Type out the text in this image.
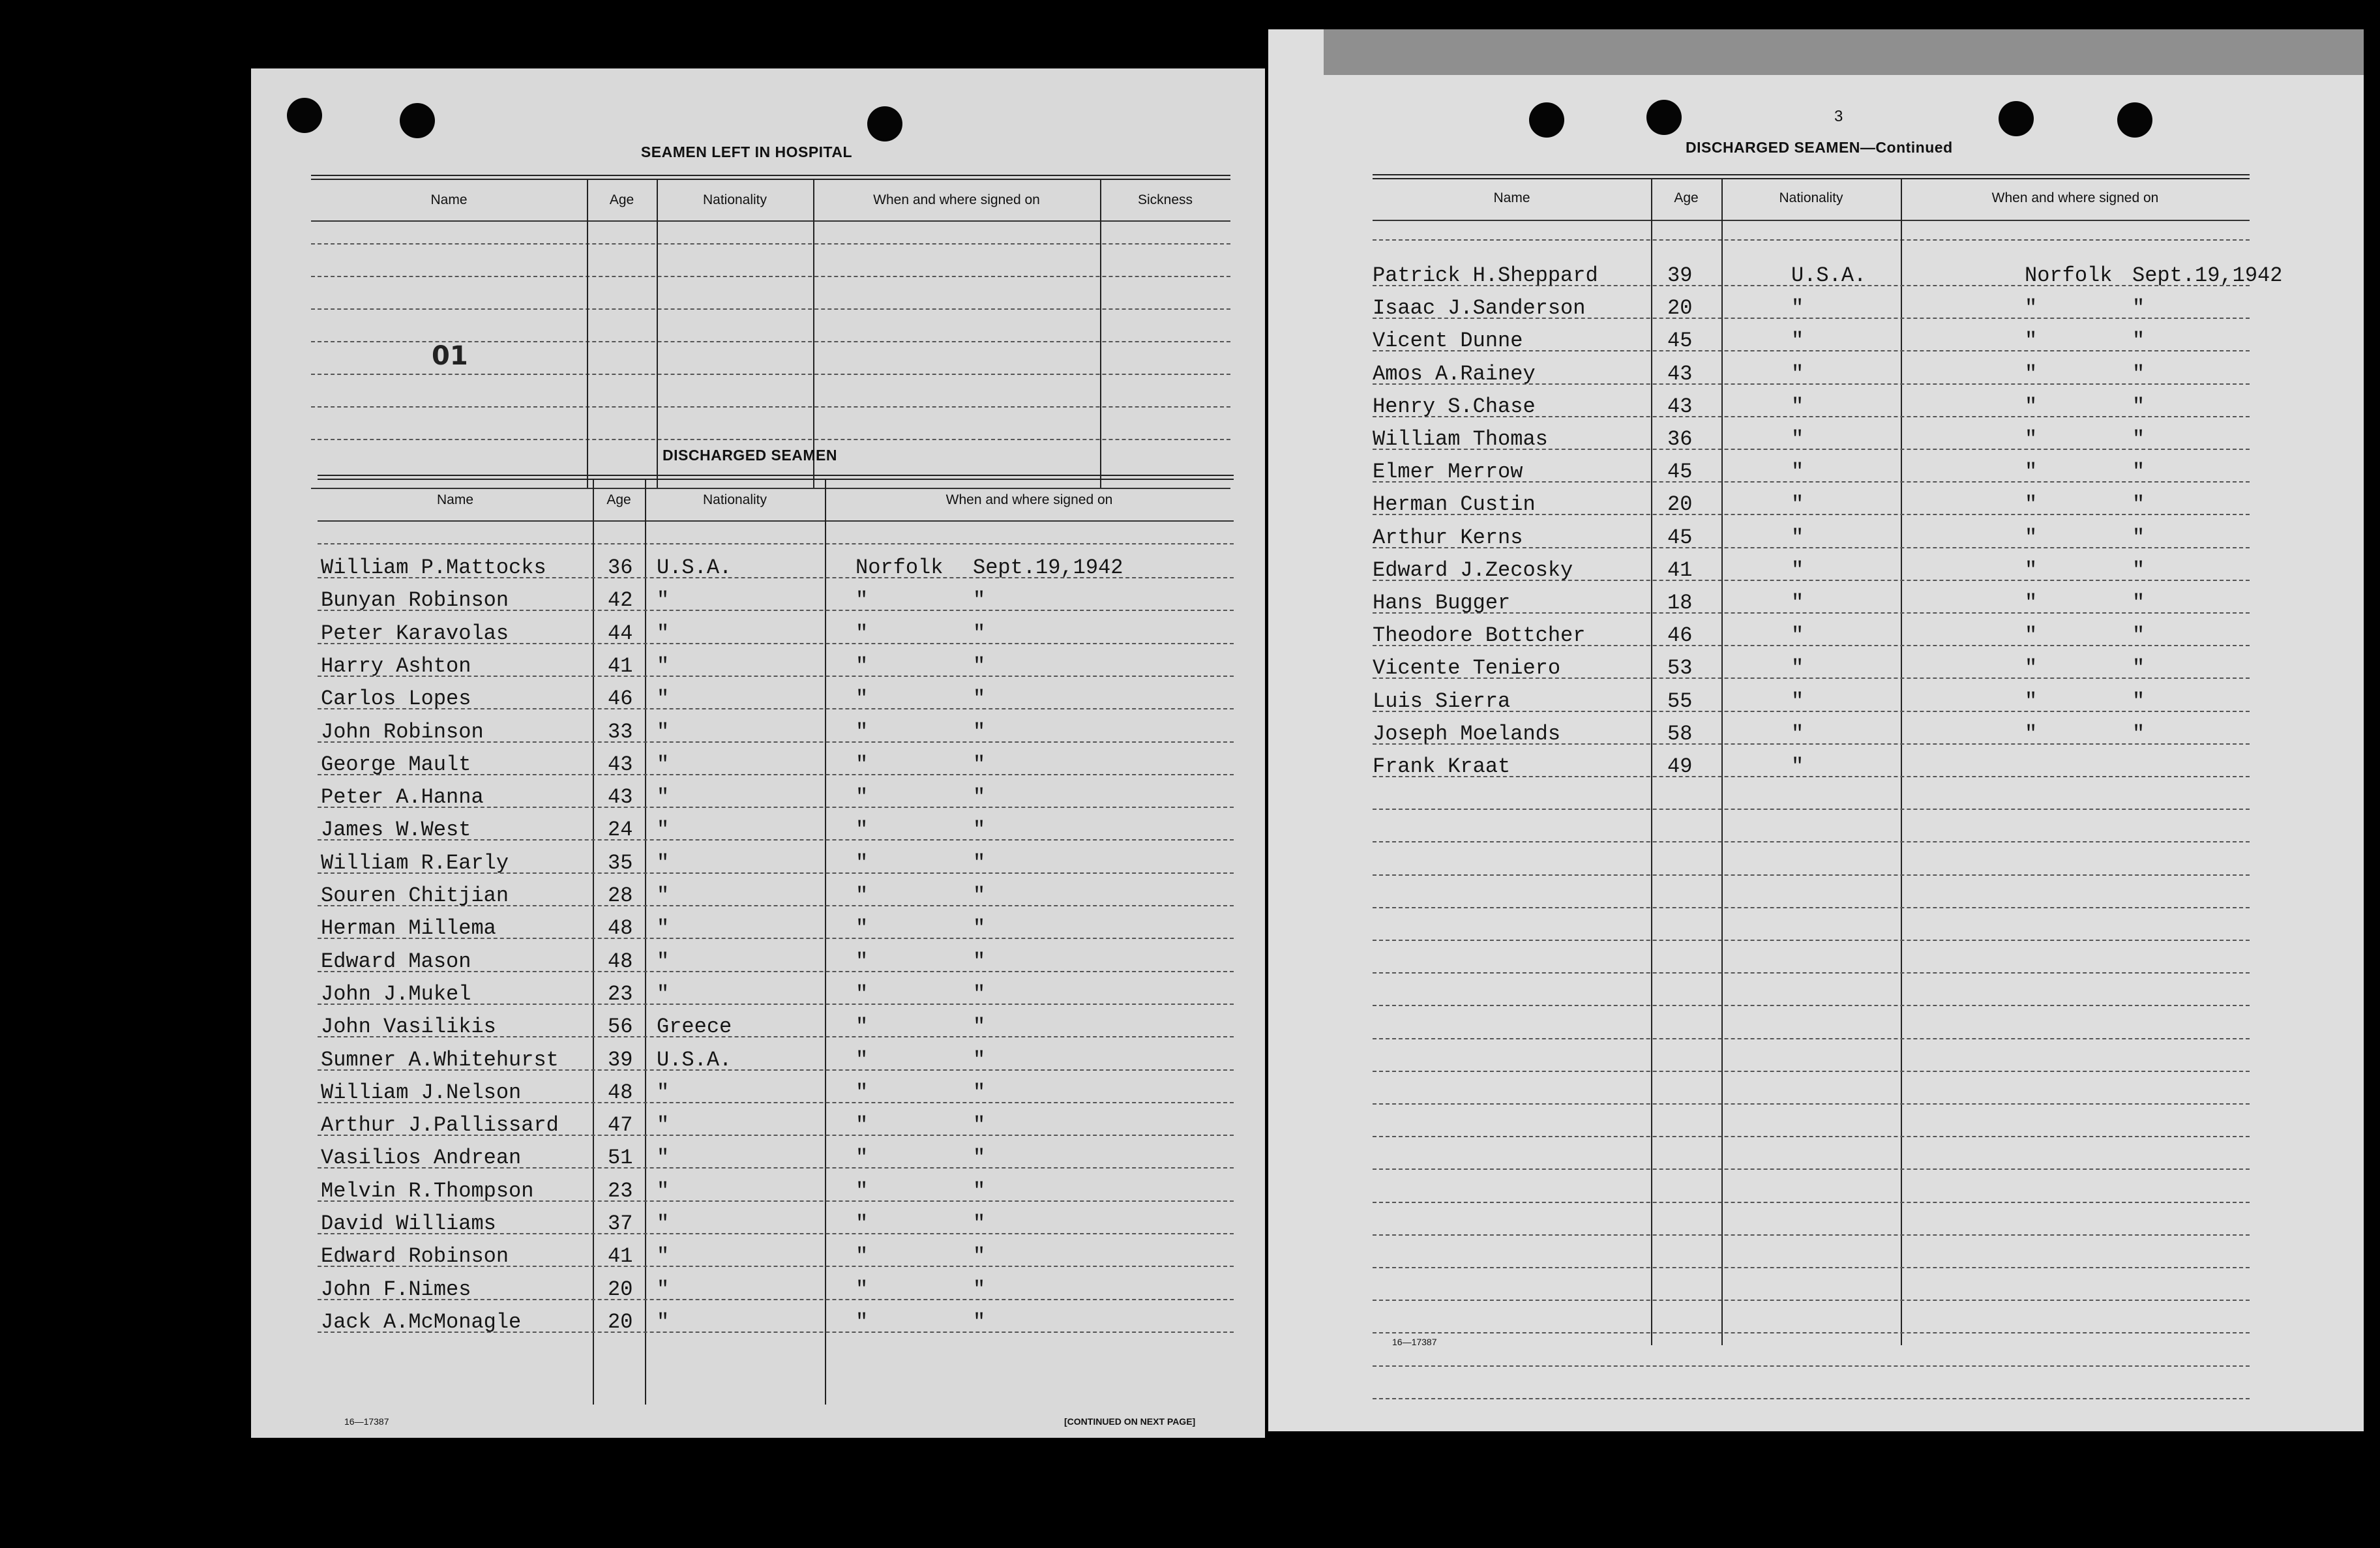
SEAMEN LEFT IN HOSPITAL
Name	Age	Nationality	When and where signed on	Sickness
01
DISCHARGED SEAMEN
Name	Age	Nationality	When and where signed on
William P.Mattocks	36 U.S.A.	Norfolk Sept.19,1942
Bunyan Robinson	42 "	"	"
Peter Karavolas	44 "	"	"
Harry Ashton	41 "	"	"
Carlos Lopes	46 "	"	"
John Robinson	33 "	"	"
George Mault	43 "	"	"
Peter A.Hanna	43 "	"	"
James W.West	24 "	"	"
William R.Early	35 "	"	"
Souren Chitjian	28 "	"	"
Herman Millema	48 "	"	"
Edward Mason	48 "	"	"
John J.Mukel	23 "	"	"
John Vasilikis	56 Greece	"	"
Sumner A.Whitehurst 39 U.S.A.	"	"
William J.Nelson	48 "	"	"
Arthur J.Pallissard 47 "	"	"
Vasilios Andrean	51 "	"	"
Melvin R.Thompson	23 "	"	"
David Williams	37 "	"	"
Edward Robinson	41 "	"	"
John F.Nimes	20 "	"	"
Jack A.McMonagle	20 "	"	"
16—17387	[CONTINUED ON NEXT PAGE]
3
DISCHARGED SEAMEN—Continued
Name	Age	Nationality	When and where signed on
Patrick H.Sheppard	39	U.S.A.	Norfolk Sept.19,1942
Isaac J.Sanderson	20	"	"	"
Vicent Dunne	45	"	"	"
Amos A.Rainey	43	"	"	"
Henry S.Chase	43	"	"	"
William Thomas	36	"	"	"
Elmer Merrow	45	"	"	"
Herman Custin	20	"	"	"
Arthur Kerns	45	"	"	"
Edward J.Zecosky	41	"	"	"
Hans Bugger	18	"	"	"
Theodore Bottcher	46	"	"	"
Vicente Teniero	53	"	"	"
Luis Sierra	55	"	"	"
Joseph Moelands	58	"	"	"
Frank Kraat	49	"
16—17387
